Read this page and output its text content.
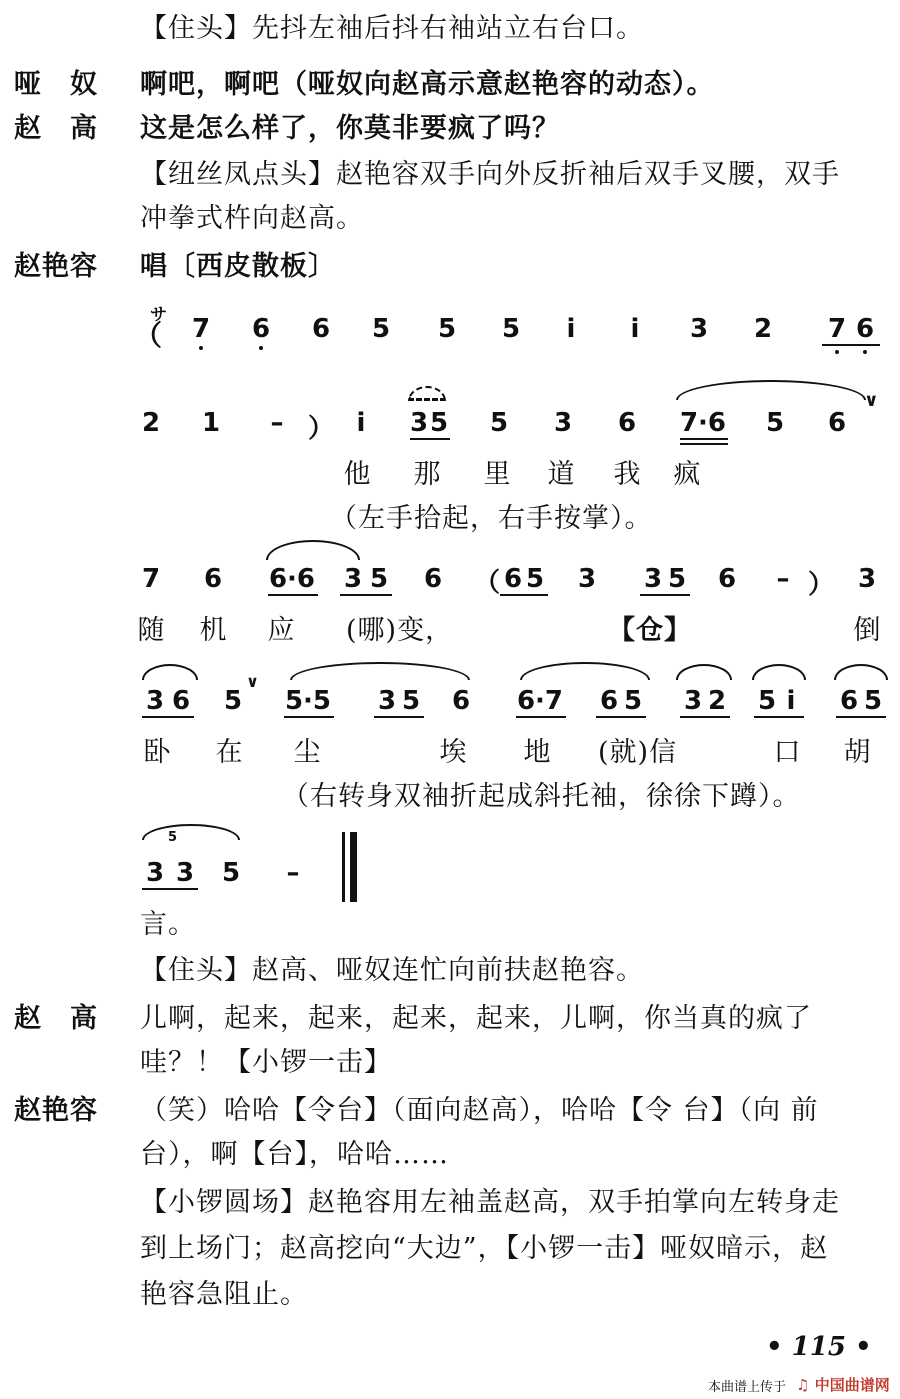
【住头】先抖左袖后抖右袖站立右台口。
哑　奴 啊吧，啊吧（哑奴向赵高示意赵艳容的动态）。
赵　高 这是怎么样了，你莫非要疯了吗？
【纽丝凤点头】赵艳容双手向外反折袖后双手叉腰，双手
冲拳式杵向赵高。
赵艳容 唱〔西皮散板〕
（
サ 7 6 6 5 5 5	i	i	3 2 7 6
2 1	– ） i	3 5 5 3 6 7·6 5 6
∨
他 那 里 道 我 疯
（左手拾起，右手按掌）。
7 6 6·6 3 5 6 （ 6 5 3 3 5 6	– ） 3
随 机 应 (哪)变，	【仓】	倒
3 6 5
∨
5·5 3 5 6 6·7 6 5 3 2 5 i	6 5
卧 在 尘	埃 地 (就)信	口 胡
（右转身双袖折起成斜托袖，徐徐下蹲）。
5
3 3 5	–
言。
【住头】赵高、哑奴连忙向前扶赵艳容。
赵　高 儿啊，起来，起来，起来，起来，儿啊，你当真的疯了
哇？！【小锣一击】
赵艳容 （笑）哈哈【令台】（面向赵高），哈哈【令 台】（向 前
台），啊【台】，哈哈……
【小锣圆场】赵艳容用左袖盖赵高，双手拍掌向左转身走
到上场门；赵高挖向“大边”，【小锣一击】哑奴暗示，赵
艳容急阻止。
• 115 •
本曲谱上传于 ♫ 中国曲谱网
